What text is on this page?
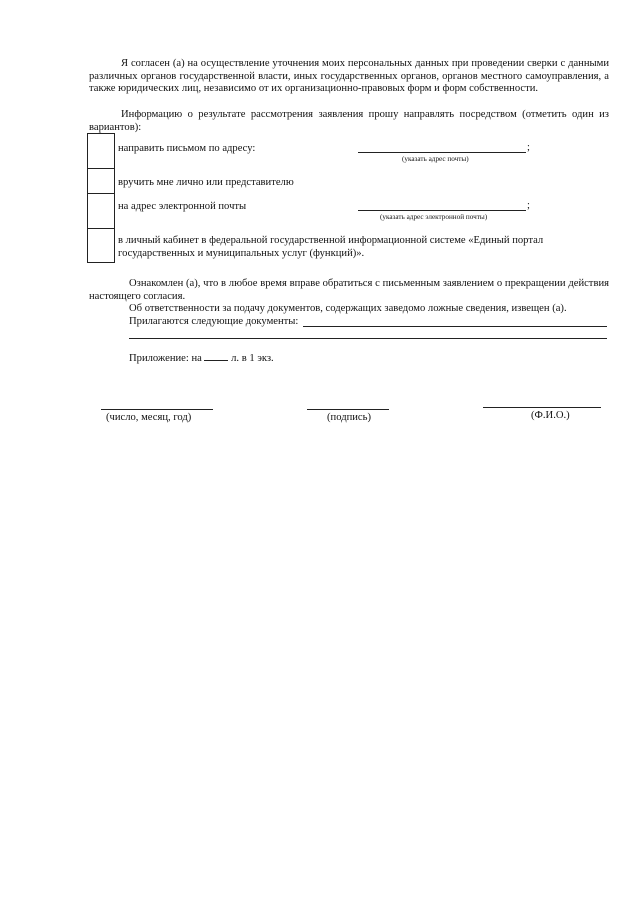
Я согласен (а) на осуществление уточнения моих персональных данных при проведении сверки с данными различных органов государственной власти, иных государственных органов, органов местного самоуправления, а также юридических лиц, независимо от их организационно-правовых форм и форм собственности.

Информацию о результате рассмотрения заявления прошу направлять посредством (отметить один из вариантов):

направить письмом по адресу:	;
(указать адрес почты)
вручить мне лично или представителю
на адрес электронной почты	;
(указать адрес электронной почты)
в личный кабинет в федеральной государственной информационной системе «Единый портал государственных и муниципальных услуг (функций)».

Ознакомлен (а), что в любое время вправе обратиться с письменным заявлением о прекращении действия настоящего согласия.

Об ответственности за подачу документов, содержащих заведомо ложные сведения, извещен (а).

Прилагаются следующие документы:

Приложение: на	л. в 1 экз.

(число, месяц, год)	(подпись)	(Ф.И.О.)
